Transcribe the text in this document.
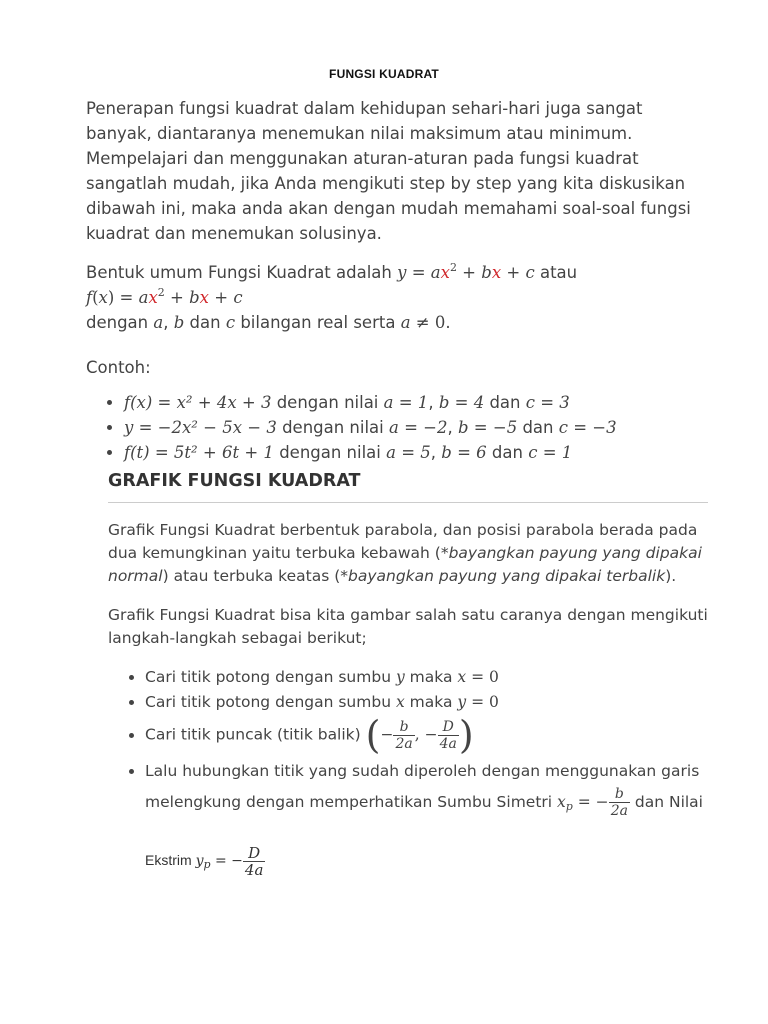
FUNGSI KUADRAT

Penerapan fungsi kuadrat dalam kehidupan sehari-hari juga sangat banyak, diantaranya menemukan nilai maksimum atau minimum. Mempelajari dan menggunakan aturan-aturan pada fungsi kuadrat sangatlah mudah, jika Anda mengikuti step by step yang kita diskusikan dibawah ini, maka anda akan dengan mudah memahami soal-soal fungsi kuadrat dan menemukan solusinya.

Bentuk umum Fungsi Kuadrat adalah $y = ax^2$ + bx + c atau
$f(x) = ax^2$ + bx + c
dengan a, b dan c bilangan real serta a ≠ 0.

Contoh:

• f(x) = x² + 4x + 3 dengan nilai a = 1, b = 4 dan c = 3
• y = −2x² − 5x − 3 dengan nilai a = −2, b = −5 dan c = −3
• f(t) = 5t² + 6t + 1 dengan nilai a = 5, b = 6 dan c = 1
GRAFIK FUNGSI KUADRAT

Grafik Fungsi Kuadrat berbentuk parabola, dan posisi parabola berada pada dua kemungkinan yaitu terbuka kebawah (*bayangkan payung yang dipakai normal) atau terbuka keatas (*bayangkan payung yang dipakai terbalik).

Grafik Fungsi Kuadrat bisa kita gambar salah satu caranya dengan mengikuti langkah-langkah sebagai berikut;

• Cari titik potong dengan sumbu y maka x = 0
• Cari titik potong dengan sumbu x maka y = 0
• Cari titik puncak (titik balik) (− $\frac{b}{2a}$ , − $\frac{D}{4a}$ )
• Lalu hubungkan titik yang sudah diperoleh dengan menggunakan garis melengkung dengan memperhatikan Sumbu Simetri $x_p$ = − $\frac{b}{2a}$ dan Nilai
Ekstrim $y_p$ = − $\frac{D}{4a}$
